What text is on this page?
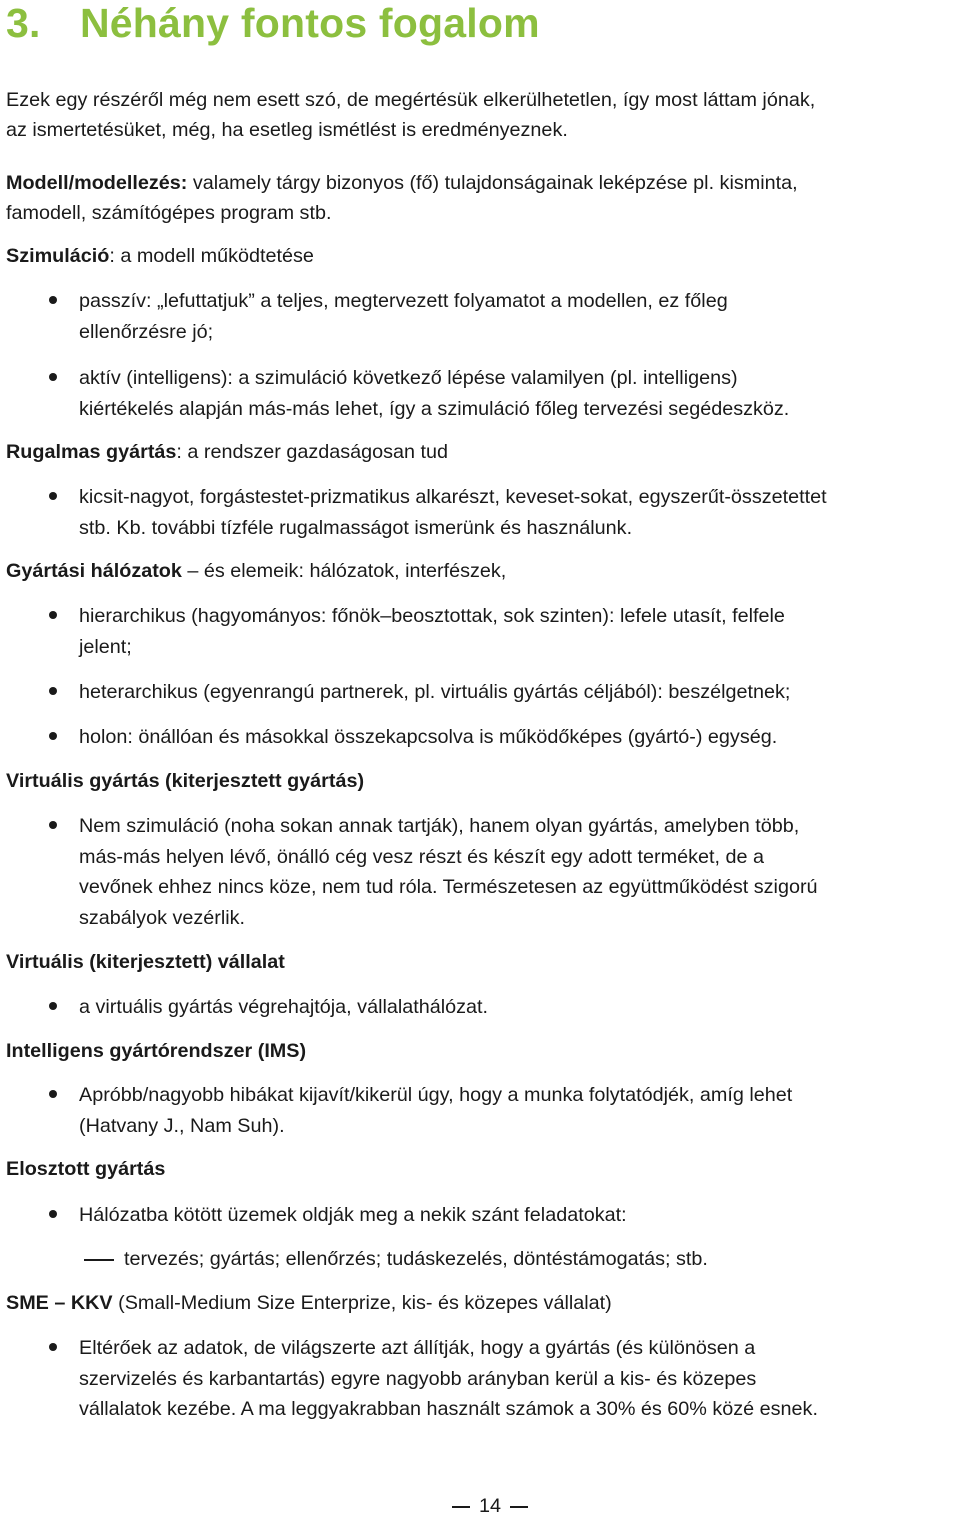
3. Néhány fontos fogalom

Ezek egy részéről még nem esett szó, de megértésük elkerülhetetlen, így most láttam jónak,

az ismertetésüket, még, ha esetleg ismétlést is eredményeznek.

Modell/modellezés: valamely tárgy bizonyos (fő) tulajdonságainak leképzése pl. kisminta,

famodell, számítógépes program stb.

Szimuláció: a modell működtetése

passzív: „lefuttatjuk” a teljes, megtervezett folyamatot a modellen, ez főleg
ellenőrzésre jó;
aktív (intelligens): a szimuláció következő lépése valamilyen (pl. intelligens)
kiértékelés alapján más-más lehet, így a szimuláció főleg tervezési segédeszköz.

Rugalmas gyártás: a rendszer gazdaságosan tud

kicsit-nagyot, forgástestet-prizmatikus alkarészt, keveset-sokat, egyszerűt-összetettet
stb. Kb. további tízféle rugalmasságot ismerünk és használunk.

Gyártási hálózatok – és elemeik: hálózatok, interfészek,

hierarchikus (hagyományos: főnök–beosztottak, sok szinten): lefele utasít, felfele
jelent;
heterarchikus (egyenrangú partnerek, pl. virtuális gyártás céljából): beszélgetnek;
holon: önállóan és másokkal összekapcsolva is működőképes (gyártó-) egység.

Virtuális gyártás (kiterjesztett gyártás)

Nem szimuláció (noha sokan annak tartják), hanem olyan gyártás, amelyben több,
más-más helyen lévő, önálló cég vesz részt és készít egy adott terméket, de a
vevőnek ehhez nincs köze, nem tud róla. Természetesen az együttműködést szigorú
szabályok vezérlik.

Virtuális (kiterjesztett) vállalat

a virtuális gyártás végrehajtója, vállalathálózat.

Intelligens gyártórendszer (IMS)

Apróbb/nagyobb hibákat kijavít/kikerül úgy, hogy a munka folytatódjék, amíg lehet
(Hatvany J., Nam Suh).

Elosztott gyártás

Hálózatba kötött üzemek oldják meg a nekik szánt feladatokat:
tervezés; gyártás; ellenőrzés; tudáskezelés, döntéstámogatás; stb.

SME – KKV (Small-Medium Size Enterprize, kis- és közepes vállalat)

Eltérőek az adatok, de világszerte azt állítják, hogy a gyártás (és különösen a
szervizelés és karbantartás) egyre nagyobb arányban kerül a kis- és közepes
vállalatok kezébe. A ma leggyakrabban használt számok a 30% és 60% közé esnek.
14
